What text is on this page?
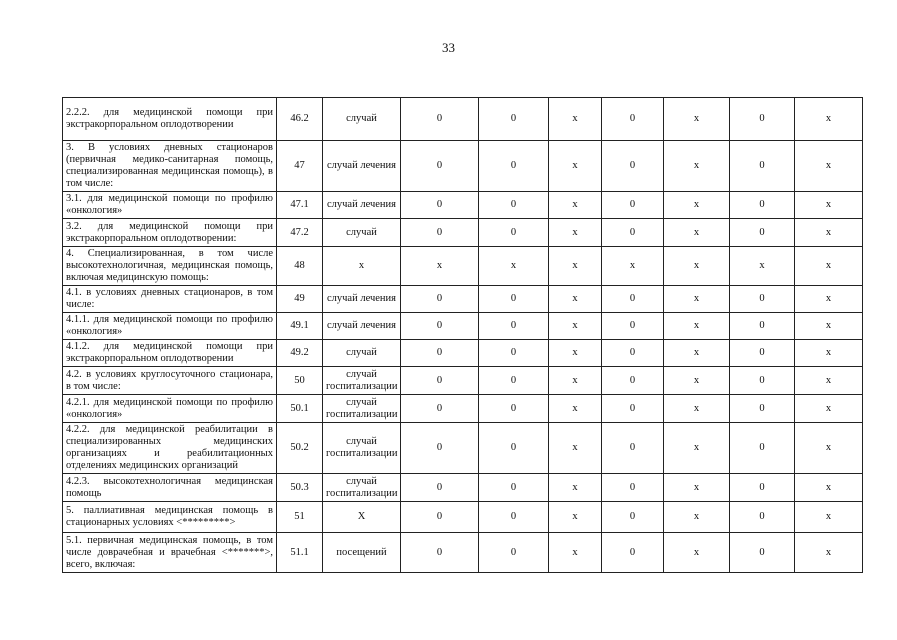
33
2.2.2. для медицинской помощи при экстракорпоральном оплодотворении	46.2	случай	0	0	x	0	x	0	x

3. В условиях дневных стационаров (первичная медико-санитарная помощь, специализированная медицинская помощь), в том числе:	47	случай лечения	0	0	x	0	x	0	x

3.1. для медицинской помощи по профилю «онкология»	47.1	случай лечения	0	0	x	0	x	0	x

3.2. для медицинской помощи при экстракорпоральном оплодотворении:	47.2	случай	0	0	x	0	x	0	x

4. Специализированная, в том числе высокотехнологичная, медицинская помощь, включая медицинскую помощь:	48	x	x	x	x	x	x	x	x

4.1. в условиях дневных стационаров, в том числе:	49	случай лечения	0	0	x	0	x	0	x

4.1.1. для медицинской помощи по профилю «онкология»	49.1	случай лечения	0	0	x	0	x	0	x

4.1.2. для медицинской помощи при экстракорпоральном оплодотворении	49.2	случай	0	0	x	0	x	0	x

4.2. в условиях круглосуточного стационара, в том числе:	50	случай госпитализации	0	0	x	0	x	0	x

4.2.1. для медицинской помощи по профилю «онкология»	50.1	случай госпитализации	0	0	x	0	x	0	x

4.2.2. для медицинской реабилитации в специализированных медицинских организациях и реабилитационных отделениях медицинских организаций	50.2	случай госпитализации	0	0	x	0	x	0	x

4.2.3. высокотехнологичная медицинская помощь	50.3	случай госпитализации	0	0	x	0	x	0	x

5. паллиативная медицинская помощь в стационарных условиях <*********>	51	X	0	0	x	0	x	0	x

5.1. первичная медицинская помощь, в том числе доврачебная и врачебная <*******>, всего, включая:	51.1	посещений	0	0	x	0	x	0	x
